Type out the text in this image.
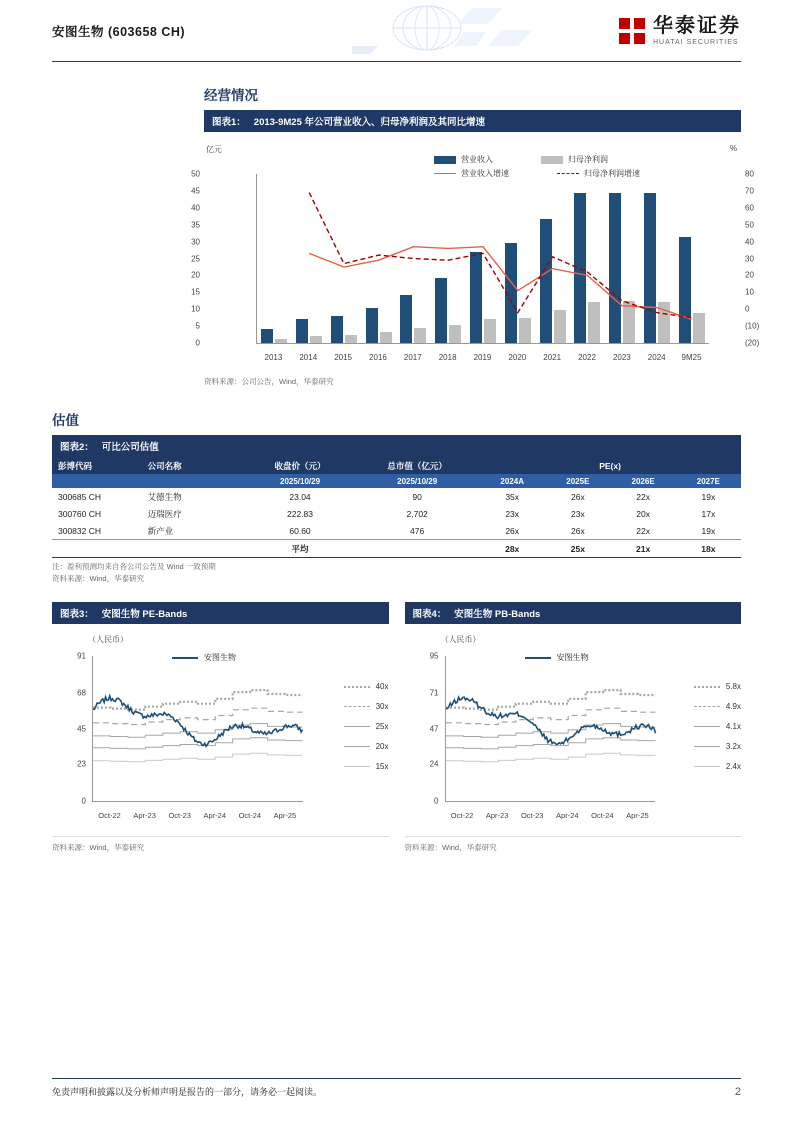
安图生物 (603658 CH)	华泰证券
HUATAI SECURITIES
经营情况
图表1： 2013-9M25 年公司营业收入、归母净利润及其同比增速
亿元	%
营业收入	归母净利润
营业收入增速	归母净利润增速
0
5
10
15
20
25
30
35
40
45
50
(20)
(10)
0
10
20
30
40
50
60
70
80
2013	2014	2015	2016	2017	2018	2019	2020	2021	2022	2023	2024	9M25
资料来源：公司公告，Wind，华泰研究
估值
图表2： 可比公司估值
彭博代码	公司名称	收盘价（元）	总市值（亿元）	PE(x)			
		2025/10/29	2025/10/29	2024A	2025E	2026E	2027E
300685 CH	艾德生物	23.04	90	35x	26x	22x	19x
300760 CH	迈瑞医疗	222.83	2,702	23x	23x	20x	17x
300832 CH	新产业	60.60	476	26x	26x	22x	19x
		平均		28x	25x	21x	18x
注：盈利预测均来自各公司公告及 Wind 一致预期
资料来源：Wind，华泰研究
图表3： 安图生物 PE-Bands
（人民币）
安图生物
0
23
45
68
91
40x
30x
25x
20x
15x
Oct-22	Apr-23	Oct-23	Apr-24	Oct-24	Apr-25
资料来源：Wind，华泰研究
图表4： 安图生物 PB-Bands
（人民币）
安图生物
0
24
47
71
95
5.8x
4.9x
4.1x
3.2x
2.4x
Oct-22	Apr-23	Oct-23	Apr-24	Oct-24	Apr-25
资料来源：Wind，华泰研究
免责声明和披露以及分析师声明是报告的一部分，请务必一起阅读。	2
